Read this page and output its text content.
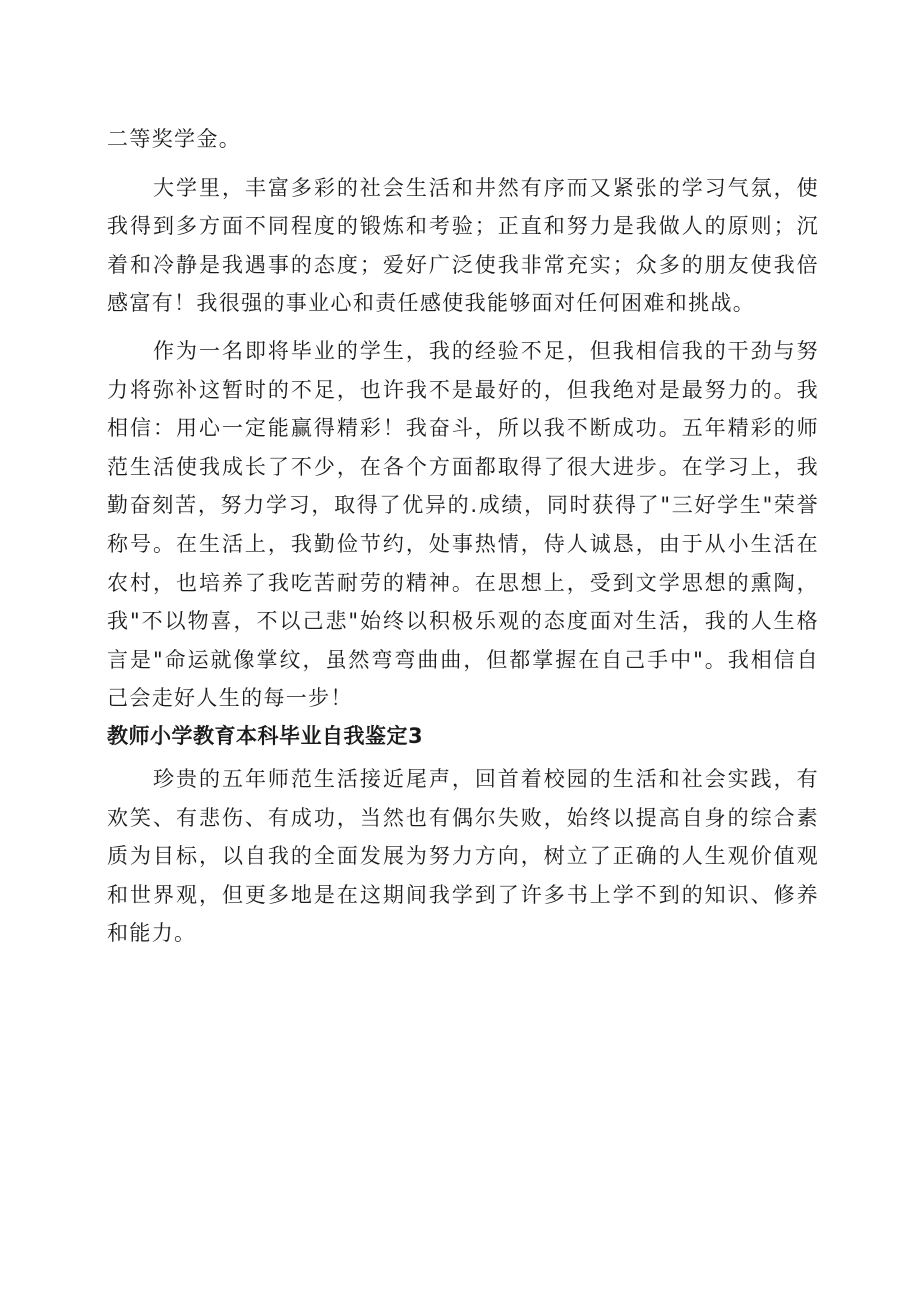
二等奖学金。

大学里，丰富多彩的社会生活和井然有序而又紧张的学习气氛，使我得到多方面不同程度的锻炼和考验；正直和努力是我做人的原则；沉着和冷静是我遇事的态度；爱好广泛使我非常充实；众多的朋友使我倍感富有！我很强的事业心和责任感使我能够面对任何困难和挑战。

作为一名即将毕业的学生，我的经验不足，但我相信我的干劲与努力将弥补这暂时的不足，也许我不是最好的，但我绝对是最努力的。我相信：用心一定能赢得精彩！我奋斗，所以我不断成功。五年精彩的师范生活使我成长了不少，在各个方面都取得了很大进步。在学习上，我勤奋刻苦，努力学习，取得了优异的.成绩，同时获得了"三好学生"荣誉称号。在生活上，我勤俭节约，处事热情，侍人诚恳，由于从小生活在农村，也培养了我吃苦耐劳的精神。在思想上，受到文学思想的熏陶，我"不以物喜，不以己悲"始终以积极乐观的态度面对生活，我的人生格言是"命运就像掌纹，虽然弯弯曲曲，但都掌握在自己手中"。我相信自己会走好人生的每一步！

教师小学教育本科毕业自我鉴定3

珍贵的五年师范生活接近尾声，回首着校园的生活和社会实践，有欢笑、有悲伤、有成功，当然也有偶尔失败，始终以提高自身的综合素质为目标，以自我的全面发展为努力方向，树立了正确的人生观价值观和世界观，但更多地是在这期间我学到了许多书上学不到的知识、修养和能力。
